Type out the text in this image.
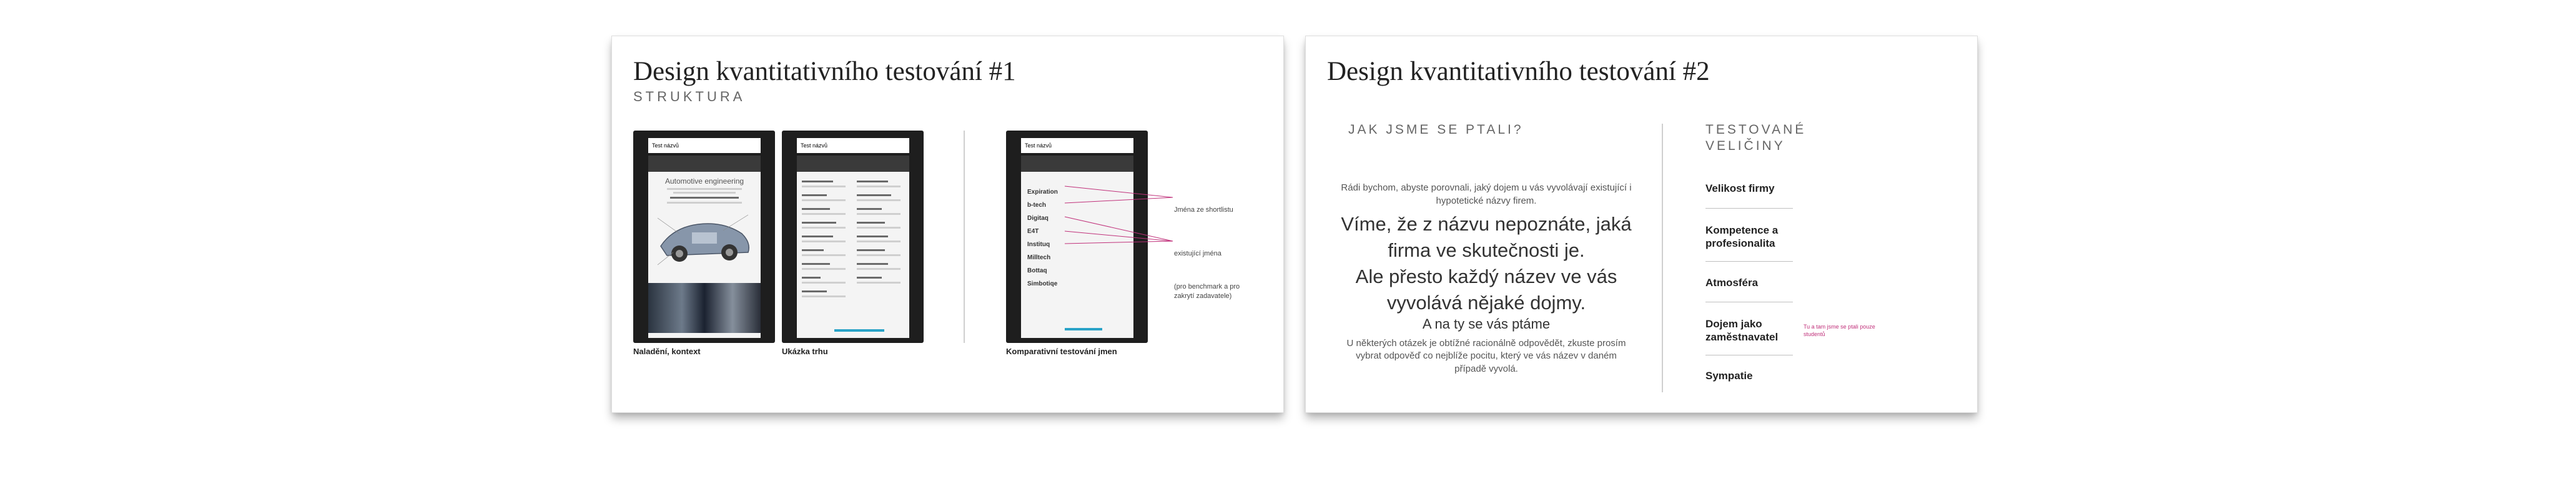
Design kvantitativního testování #1
STRUKTURA
Test názvů
Automotive engineering
Naladění, kontext
Test názvů
Ukázka trhu
Test názvů
Expiration
b-tech
Digitaq
E4T
Instituq
Milltech
Bottaq
Simbotiqe
Komparativní testování jmen
Jména ze shortlistu
existující jména
(pro benchmark a pro
zakrytí zadavatele)
Design kvantitativního testování #2
JAK JSME SE PTALI?
Rádi bychom, abyste porovnali, jaký dojem u vás vyvolávají existující i hypotetické názvy firem.
Víme, že z názvu nepoznáte, jaká firma ve skutečnosti je.
Ale přesto každý název ve vás vyvolává nějaké dojmy.
A na ty se vás ptáme
U některých otázek je obtížné racionálně odpovědět, zkuste prosím vybrat odpověď co nejblíže pocitu, který ve vás název v daném případě vyvolá.
TESTOVANÉ VELIČINY
Velikost firmy
Kompetence a profesionalita
Atmosféra
Dojem jako zaměstnavatel
Sympatie
Tu a tam jsme se ptali pouze
studentů
